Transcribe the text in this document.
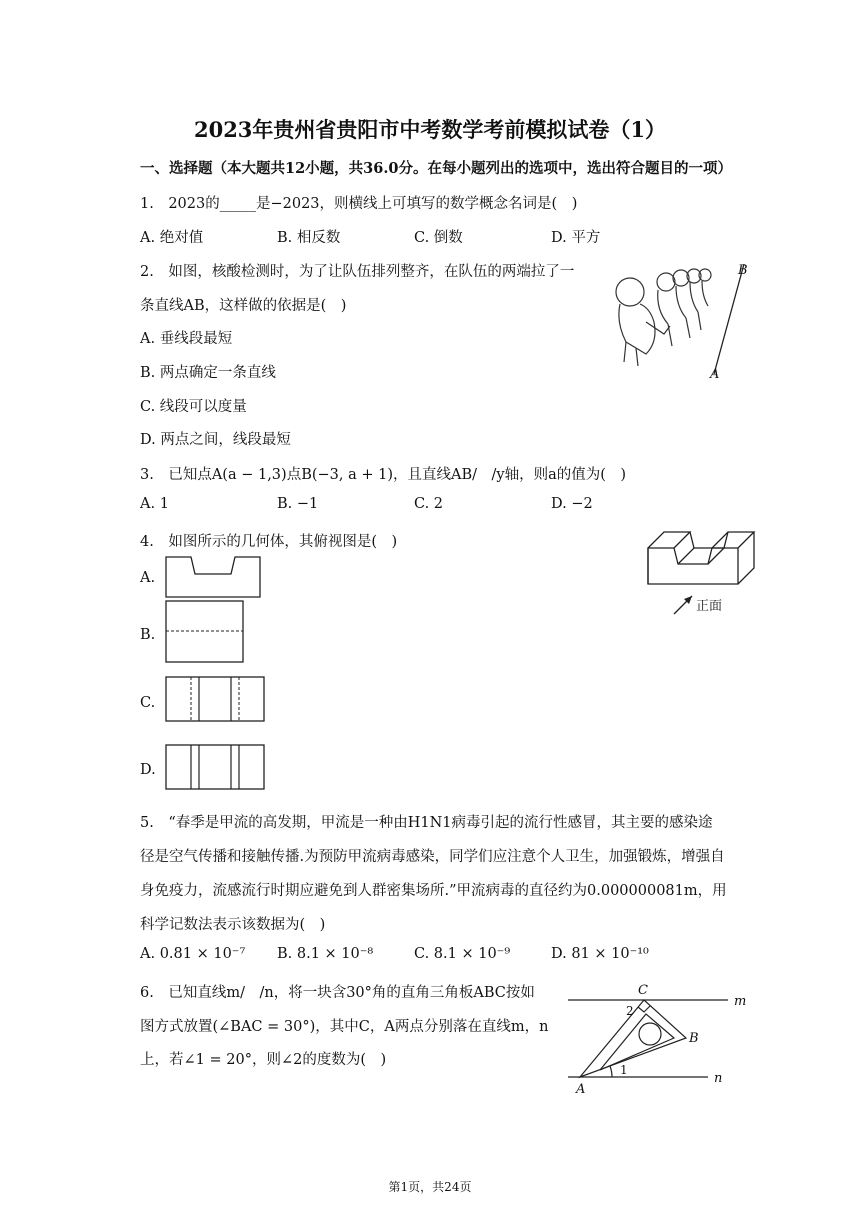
2023年贵州省贵阳市中考数学考前模拟试卷（1）
一、选择题（本大题共12小题，共36.0分。在每小题列出的选项中，选出符合题目的一项）
1.　2023的_____是−2023，则横线上可填写的数学概念名词是(　)
A. 绝对值	B. 相反数	C. 倒数	D. 平方
2.　如图，核酸检测时，为了让队伍排列整齐，在队伍的两端拉了一
条直线AB，这样做的依据是(　)
A. 垂线段最短
B. 两点确定一条直线
C. 线段可以度量
D. 两点之间，线段最短
B
A
3.　已知点A(a − 1,3)点B(−3, a + 1)，且直线AB/　/y轴，则a的值为(　)
A. 1	B. −1	C. 2	D. −2
4.　如图所示的几何体，其俯视图是(　)
A.
B.
C.
D.
正面
5.　“春季是甲流的高发期，甲流是一种由H1N1病毒引起的流行性感冒，其主要的感染途
径是空气传播和接触传播.为预防甲流病毒感染，同学们应注意个人卫生，加强锻炼，增强自
身免疫力，流感流行时期应避免到人群密集场所.”甲流病毒的直径约为0.000000081m，用
科学记数法表示该数据为(　)
A. 0.81 × 10⁻⁷ B. 8.1 × 10⁻⁸	C. 8.1 × 10⁻⁹	D. 81 × 10⁻¹⁰
6.　已知直线m/　/n，将一块含30°角的直角三角板ABC按如
图方式放置(∠BAC = 30°)，其中C，A两点分别落在直线m，n
上，若∠1 = 20°，则∠2的度数为(　)
C
B
A
m
n
1
2
第1页，共24页
